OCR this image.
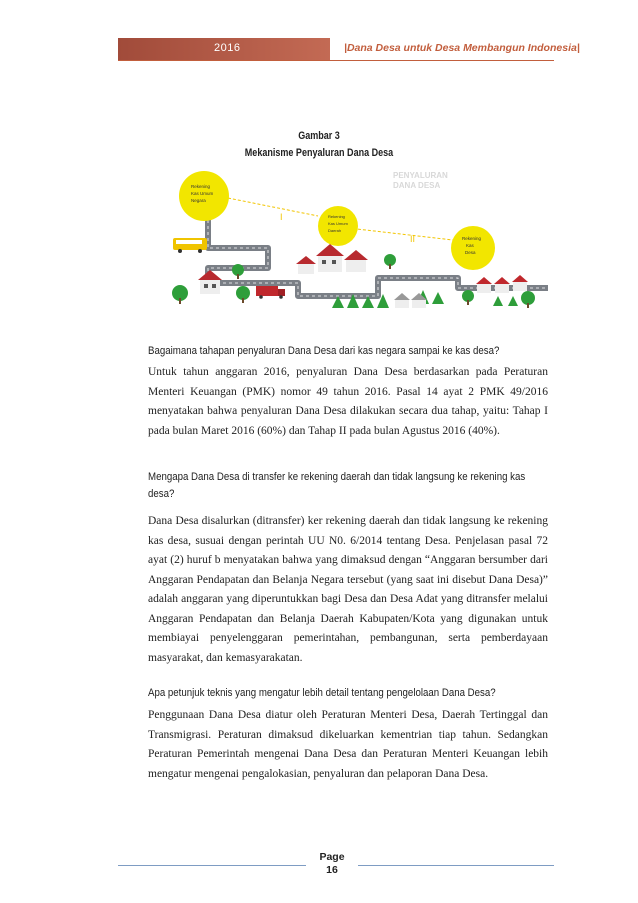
2016	|Dana Desa untuk Desa Membangun Indonesia|
Gambar 3
Mekanisme Penyaluran Dana Desa
I
II
PENYALURAN
DANA DESA
Rekening Kas Umum Negara
Rekening Kas Umum Daerah
Rekening Kas Desa
Bagaimana tahapan penyaluran Dana Desa dari kas negara sampai ke kas desa?
Untuk tahun anggaran 2016, penyaluran Dana Desa berdasarkan pada Peraturan Menteri Keuangan (PMK) nomor 49 tahun 2016. Pasal 14 ayat 2 PMK 49/2016 menyatakan bahwa penyaluran Dana Desa dilakukan secara dua tahap, yaitu: Tahap I pada bulan Maret 2016 (60%) dan Tahap II pada bulan Agustus 2016 (40%).
Mengapa Dana Desa di transfer ke rekening daerah dan tidak langsung ke rekening kas desa?
Dana Desa disalurkan (ditransfer) ker rekening daerah dan tidak langsung ke rekening kas desa, susuai dengan perintah UU N0. 6/2014 tentang Desa. Penjelasan pasal 72 ayat (2) huruf b menyatakan bahwa yang dimaksud dengan “Anggaran bersumber dari Anggaran Pendapatan dan Belanja Negara tersebut (yang saat ini disebut Dana Desa)” adalah anggaran yang diperuntukkan bagi Desa dan Desa Adat yang ditransfer melalui Anggaran Pendapatan dan Belanja Daerah Kabupaten/Kota yang digunakan untuk membiayai penyelenggaran pemerintahan, pembangunan, serta pemberdayaan masyarakat, dan kemasyarakatan.
Apa petunjuk teknis yang mengatur lebih detail tentang pengelolaan Dana Desa?
Penggunaan Dana Desa diatur oleh Peraturan Menteri Desa, Daerah Tertinggal dan Transmigrasi. Peraturan dimaksud dikeluarkan kementrian tiap tahun. Sedangkan Peraturan Pemerintah mengenai Dana Desa dan Peraturan Menteri Keuangan lebih mengatur mengenai pengalokasian, penyaluran dan pelaporan Dana Desa.
Page
16
